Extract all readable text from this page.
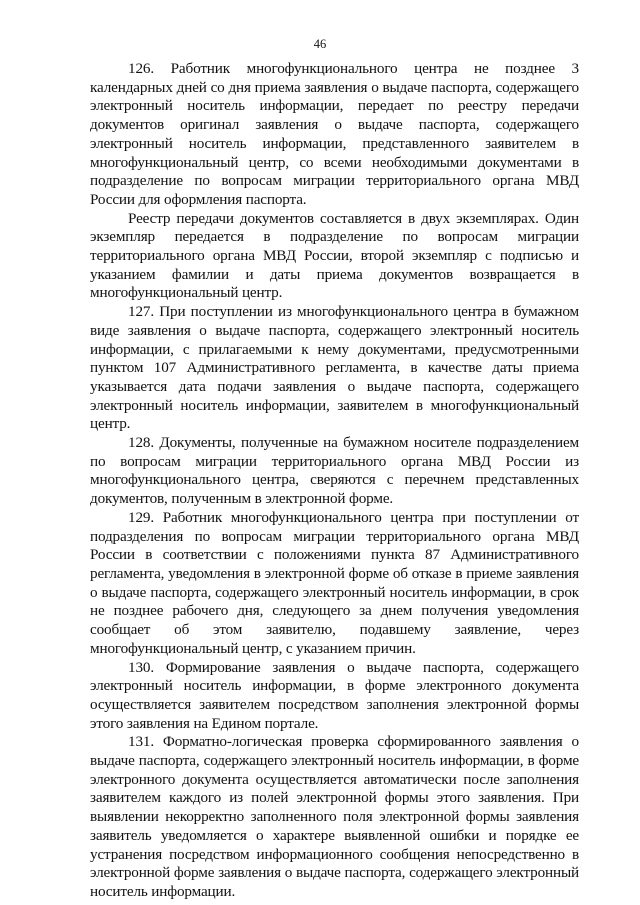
46

126. Работник многофункционального центра не позднее 3 календарных дней со дня приема заявления о выдаче паспорта, содержащего электронный носитель информации, передает по реестру передачи документов оригинал заявления о выдаче паспорта, содержащего электронный носитель информации, представленного заявителем в многофункциональный центр, со всеми необходимыми документами в подразделение по вопросам миграции территориального органа МВД России для оформления паспорта.

Реестр передачи документов составляется в двух экземплярах. Один экземпляр передается в подразделение по вопросам миграции территориального органа МВД России, второй экземпляр с подписью и указанием фамилии и даты приема документов возвращается в многофункциональный центр.

127. При поступлении из многофункционального центра в бумажном виде заявления о выдаче паспорта, содержащего электронный носитель информации, с прилагаемыми к нему документами, предусмотренными пунктом 107 Административного регламента, в качестве даты приема указывается дата подачи заявления о выдаче паспорта, содержащего электронный носитель информации, заявителем в многофункциональный центр.

128. Документы, полученные на бумажном носителе подразделением по вопросам миграции территориального органа МВД России из многофункционального центра, сверяются с перечнем представленных документов, полученным в электронной форме.

129. Работник многофункционального центра при поступлении от подразделения по вопросам миграции территориального органа МВД России в соответствии с положениями пункта 87 Административного регламента, уведомления в электронной форме об отказе в приеме заявления о выдаче паспорта, содержащего электронный носитель информации, в срок не позднее рабочего дня, следующего за днем получения уведомления сообщает об этом заявителю, подавшему заявление, через многофункциональный центр, с указанием причин.

130. Формирование заявления о выдаче паспорта, содержащего электронный носитель информации, в форме электронного документа осуществляется заявителем посредством заполнения электронной формы этого заявления на Едином портале.

131. Форматно-логическая проверка сформированного заявления о выдаче паспорта, содержащего электронный носитель информации, в форме электронного документа осуществляется автоматически после заполнения заявителем каждого из полей электронной формы этого заявления. При выявлении некорректно заполненного поля электронной формы заявления заявитель уведомляется о характере выявленной ошибки и порядке ее устранения посредством информационного сообщения непосредственно в электронной форме заявления о выдаче паспорта, содержащего электронный носитель информации.
